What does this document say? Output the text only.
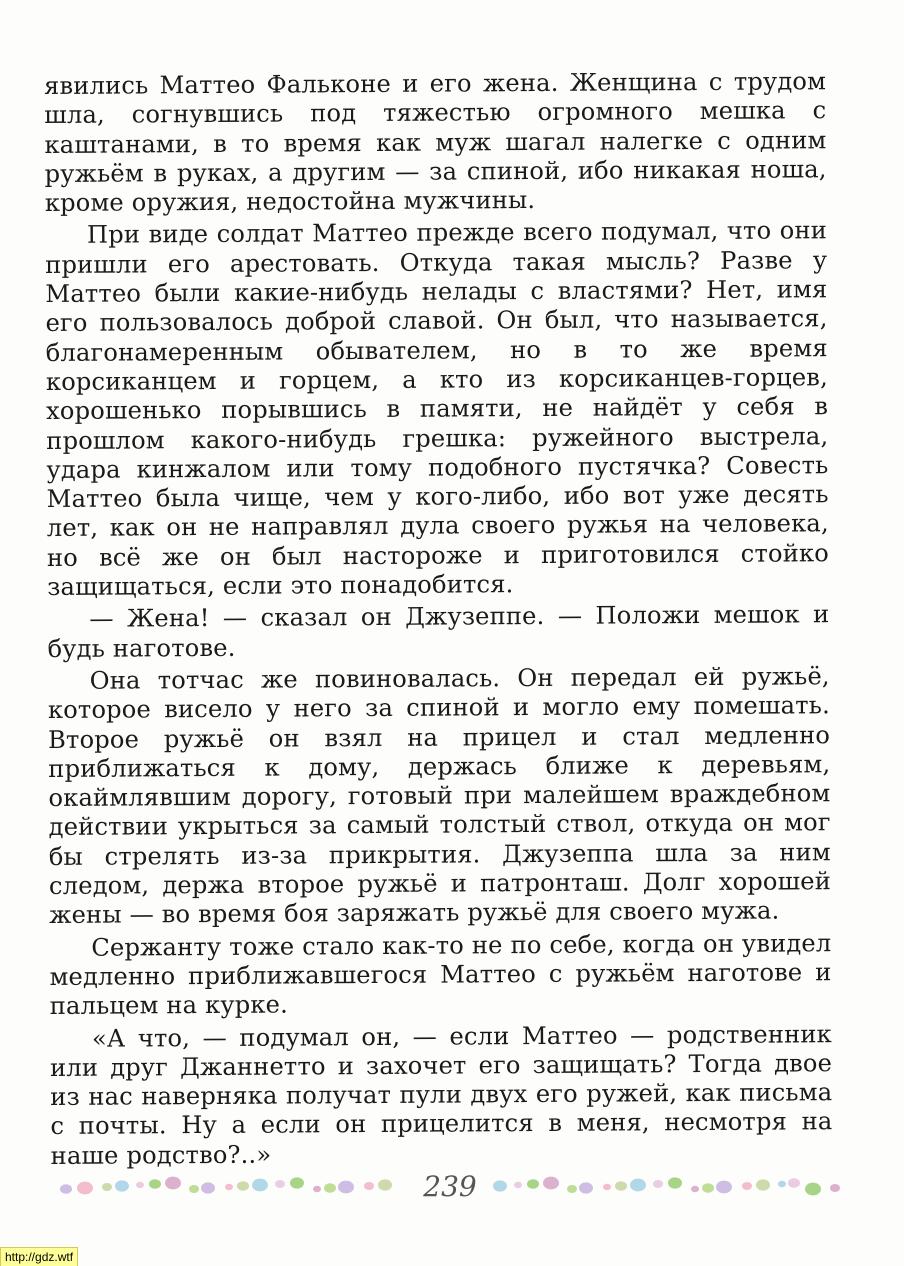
явились Маттео Фальконе и его жена. Женщина с трудом шла, согнувшись под тяжестью огромного мешка с каштанами, в то время как муж шагал налегке с одним ружьём в руках, а другим — за спиной, ибо никакая ноша, кроме оружия, недостойна мужчины.

При виде солдат Маттео прежде всего подумал, что они пришли его арестовать. Откуда такая мысль? Разве у Маттео были какие-нибудь нелады с властями? Нет, имя его пользовалось доброй славой. Он был, что называется, благонамеренным обывателем, но в то же время корсиканцем и горцем, а кто из корсиканцев-горцев, хорошенько порывшись в памяти, не найдёт у себя в прошлом какого-нибудь грешка: ружейного выстрела, удара кинжалом или тому подобного пустячка? Совесть Маттео была чище, чем у кого-либо, ибо вот уже десять лет, как он не направлял дула своего ружья на человека, но всё же он был настороже и приготовился стойко защищаться, если это понадобится.

— Жена! — сказал он Джузеппе. — Положи мешок и будь наготове.

Она тотчас же повиновалась. Он передал ей ружьё, которое висело у него за спиной и могло ему помешать. Второе ружьё он взял на прицел и стал медленно приближаться к дому, держась ближе к деревьям, окаймлявшим дорогу, готовый при малейшем враждебном действии укрыться за самый толстый ствол, откуда он мог бы стрелять из-за прикрытия. Джузеппа шла за ним следом, держа второе ружьё и патронташ. Долг хорошей жены — во время боя заряжать ружьё для своего мужа.

Сержанту тоже стало как-то не по себе, когда он увидел медленно приближавшегося Маттео с ружьём наготове и пальцем на курке.

«А что, — подумал он, — если Маттео — родственник или друг Джаннетто и захочет его защищать? Тогда двое из нас наверняка получат пули двух его ружей, как письма с почты. Ну а если он прицелится в меня, несмотря на наше родство?..»

239
http://gdz.wtf
